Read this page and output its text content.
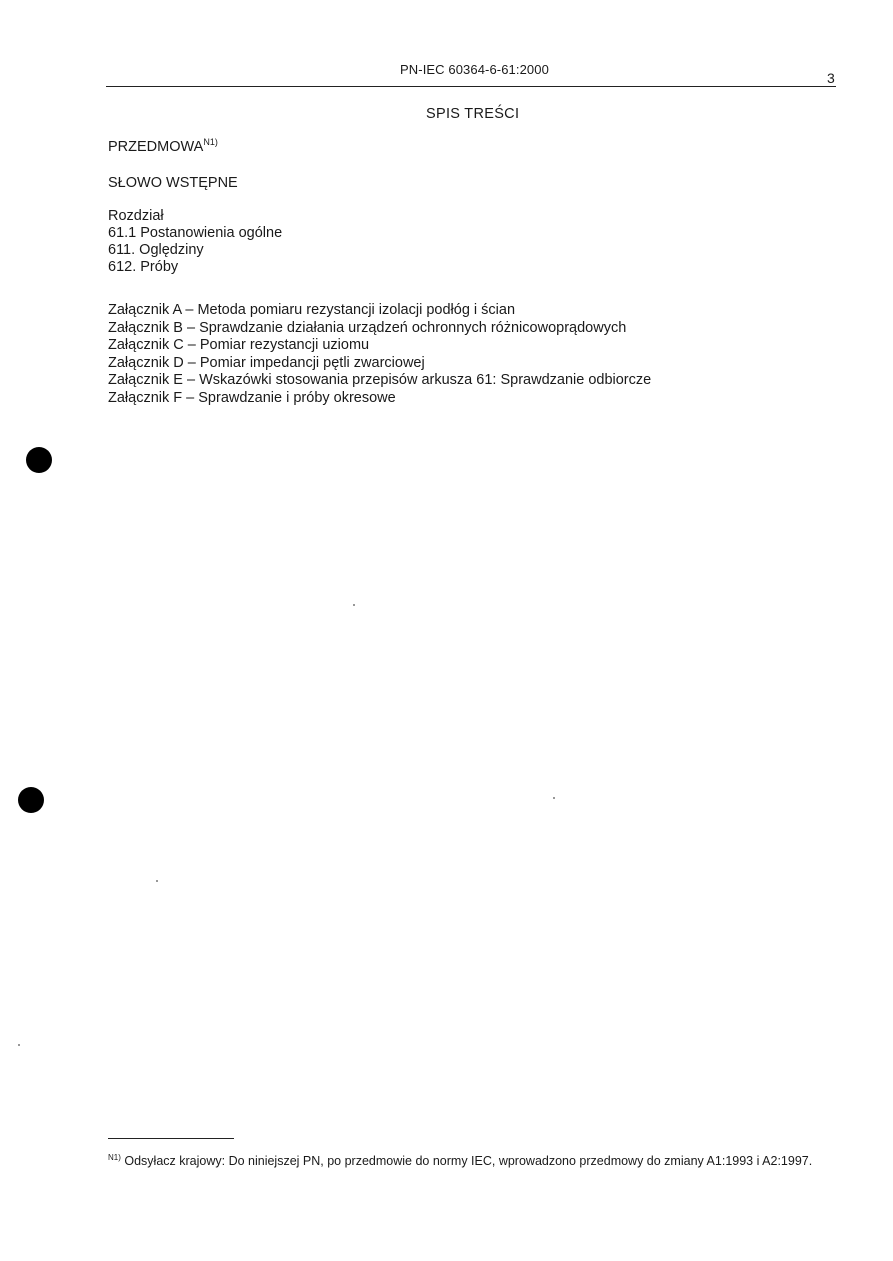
PN-IEC 60364-6-61:2000
3
SPIS TREŚCI
$PRZEDMOWA^{N1)}$
SŁOWO WSTĘPNE
Rozdział
61.1 Postanowienia ogólne
611. Oględziny
612. Próby
Załącznik A – Metoda pomiaru rezystancji izolacji podłóg i ścian
Załącznik B – Sprawdzanie działania urządzeń ochronnych różnicowoprądowych
Załącznik C – Pomiar rezystancji uziomu
Załącznik D – Pomiar impedancji pętli zwarciowej
Załącznik E – Wskazówki stosowania przepisów arkusza 61: Sprawdzanie odbiorcze
Załącznik F – Sprawdzanie i próby okresowe
$^{N1)}$ Odsyłacz krajowy: Do niniejszej PN, po przedmowie do normy IEC, wprowadzono przedmowy do zmiany A1:1993 i A2:1997.
